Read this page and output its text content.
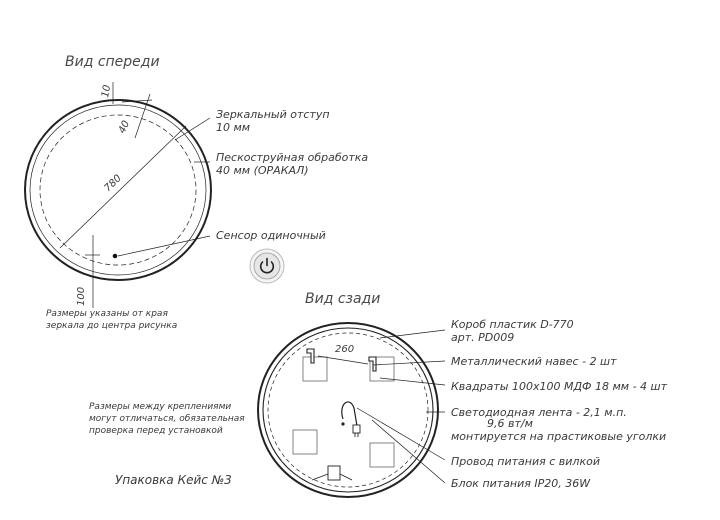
Вид спереди
780
10
40
100
Зеркальный отступ
10 мм
Пескоструйная обработка
40 мм (ОРАКАЛ)
Сенсор одиночный
Размеры указаны от края
зеркала до центра рисунка
Вид сзади
260
Короб пластик D-770
арт. PD009
Металлический навес - 2 шт
Квадраты 100х100 МДФ 18 мм - 4 шт
Светодиодная лента - 2,1 м.п.
9,6 вт/м
монтируется на прастиковые уголки
Провод питания с вилкой
Блок питания IP20, 36W
Размеры между креплениями
могут отличаться, обязательная
проверка перед установкой
Упаковка Кейс №3
